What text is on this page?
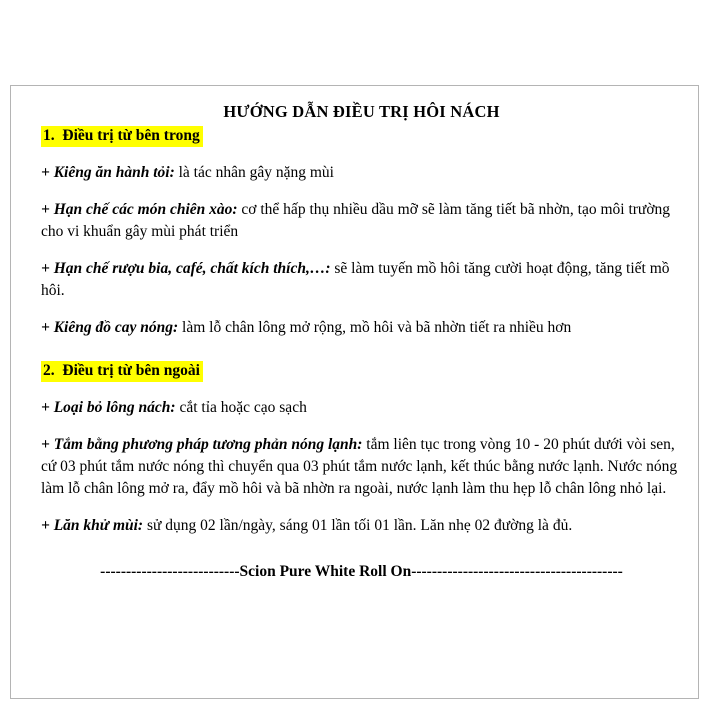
HƯỚNG DẪN ĐIỀU TRỊ HÔI NÁCH
1.  Điều trị từ bên trong

+ Kiêng ăn hành tỏi: là tác nhân gây nặng mùi

+ Hạn chế các món chiên xào: cơ thể hấp thụ nhiều dầu mỡ sẽ làm tăng tiết bã nhờn, tạo môi trường cho vi khuẩn gây mùi phát triển

+ Hạn chế rượu bia, café, chất kích thích,…: sẽ làm tuyến mồ hôi tăng cười hoạt động, tăng tiết mồ hôi.

+ Kiêng đồ cay nóng: làm lỗ chân lông mở rộng, mồ hôi và bã nhờn tiết ra nhiều hơn

2.  Điều trị từ bên ngoài

+ Loại bỏ lông nách: cắt tỉa hoặc cạo sạch

+ Tắm bằng phương pháp tương phản nóng lạnh: tắm liên tục trong vòng 10 - 20 phút dưới vòi sen, cứ 03 phút tắm nước nóng thì chuyển qua 03 phút tắm nước lạnh, kết thúc bằng nước lạnh. Nước nóng làm lỗ chân lông mở ra, đẩy mồ hôi và bã nhờn ra ngoài, nước lạnh làm thu hẹp lỗ chân lông nhỏ lại.

+ Lăn khử mùi: sử dụng 02 lần/ngày, sáng 01 lần tối 01 lần. Lăn nhẹ 02 đường là đủ.

---------------------------Scion Pure White Roll On-----------------------------------------
